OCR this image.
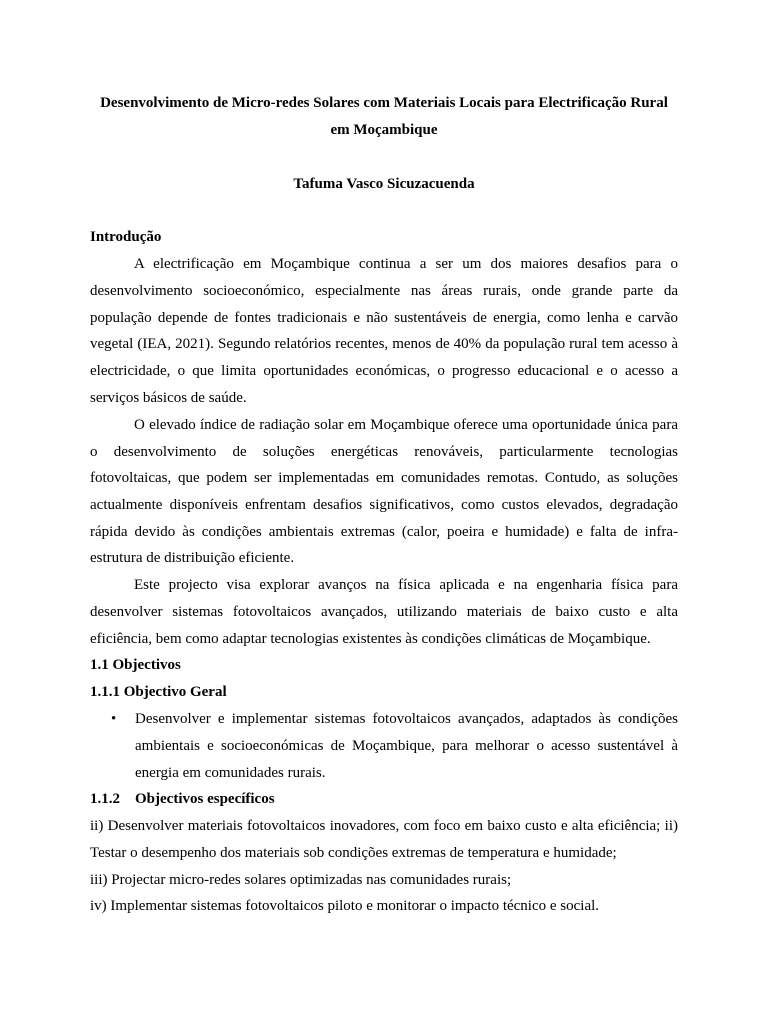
Desenvolvimento de Micro-redes Solares com Materiais Locais para Electrificação Rural
em Moçambique
Tafuma Vasco Sicuzacuenda
Introdução
A electrificação em Moçambique continua a ser um dos maiores desafios para o
desenvolvimento socioeconómico, especialmente nas áreas rurais, onde grande parte da
população depende de fontes tradicionais e não sustentáveis de energia, como lenha e carvão
vegetal (IEA, 2021). Segundo relatórios recentes, menos de 40% da população rural tem acesso à
electricidade, o que limita oportunidades económicas, o progresso educacional e o acesso a
serviços básicos de saúde.
O elevado índice de radiação solar em Moçambique oferece uma oportunidade única para
o desenvolvimento de soluções energéticas renováveis, particularmente tecnologias
fotovoltaicas, que podem ser implementadas em comunidades remotas. Contudo, as soluções
actualmente disponíveis enfrentam desafios significativos, como custos elevados, degradação
rápida devido às condições ambientais extremas (calor, poeira e humidade) e falta de infra-
estrutura de distribuição eficiente.
Este projecto visa explorar avanços na física aplicada e na engenharia física para
desenvolver sistemas fotovoltaicos avançados, utilizando materiais de baixo custo e alta
eficiência, bem como adaptar tecnologias existentes às condições climáticas de Moçambique.
1.1 Objectivos
1.1.1 Objectivo Geral
• Desenvolver e implementar sistemas fotovoltaicos avançados, adaptados às condições
ambientais e socioeconómicas de Moçambique, para melhorar o acesso sustentável à
energia em comunidades rurais.
1.1.2 Objectivos específicos
ii) Desenvolver materiais fotovoltaicos inovadores, com foco em baixo custo e alta eficiência; ii)
Testar o desempenho dos materiais sob condições extremas de temperatura e humidade;
iii) Projectar micro-redes solares optimizadas nas comunidades rurais;
iv) Implementar sistemas fotovoltaicos piloto e monitorar o impacto técnico e social.
